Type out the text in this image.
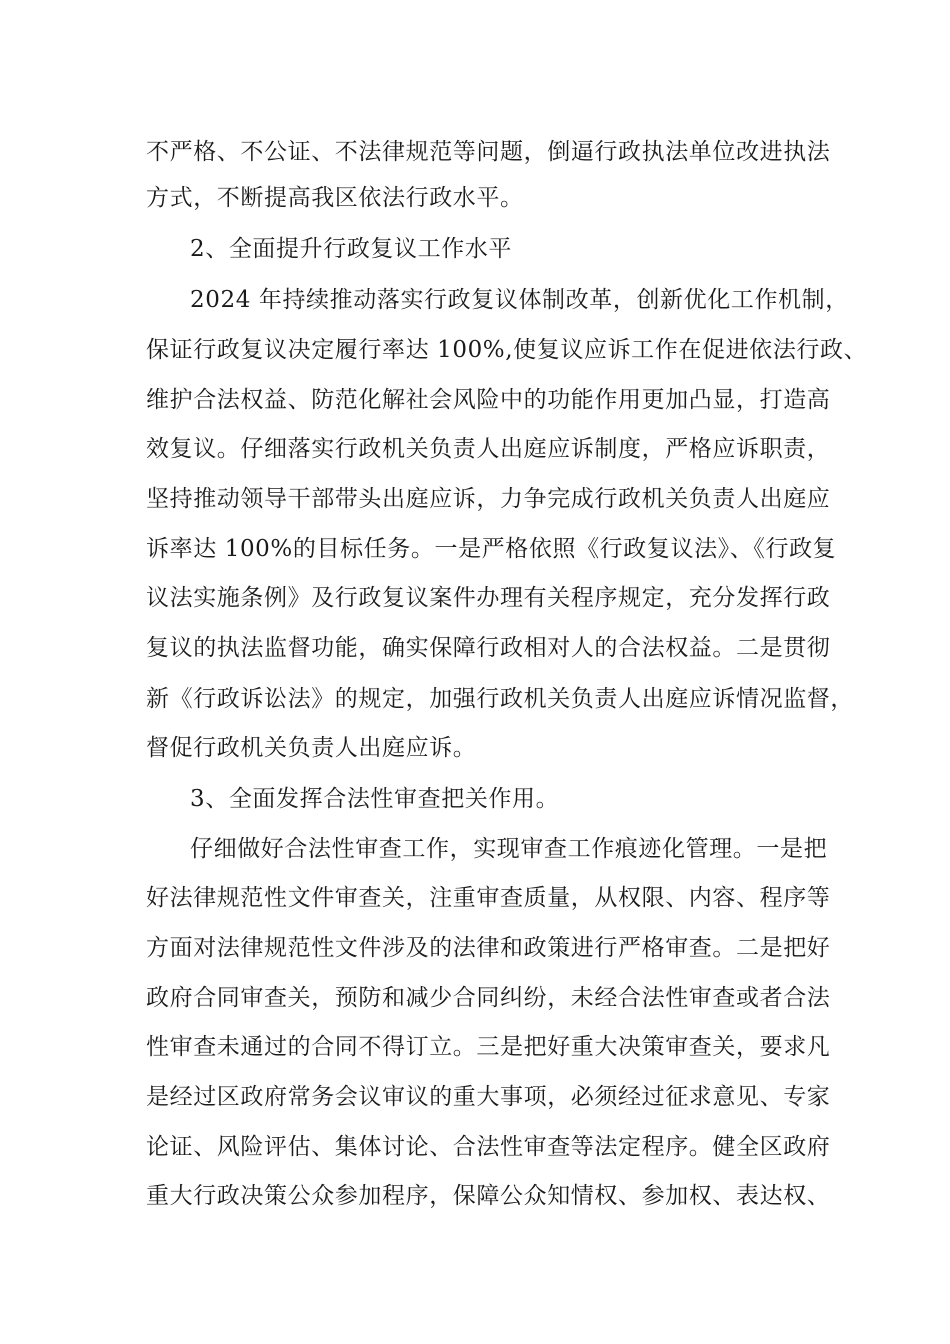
不严格、不公证、不法律规范等问题，倒逼行政执法单位改进执法
方式，不断提高我区依法行政水平。
2、全面提升行政复议工作水平
2024 年持续推动落实行政复议体制改革，创新优化工作机制，
保证行政复议决定履行率达 100%,使复议应诉工作在促进依法行政、
维护合法权益、防范化解社会风险中的功能作用更加凸显，打造高
效复议。仔细落实行政机关负责人出庭应诉制度，严格应诉职责，
坚持推动领导干部带头出庭应诉，力争完成行政机关负责人出庭应
诉率达 100%的目标任务。一是严格依照《行政复议法》、《行政复
议法实施条例》及行政复议案件办理有关程序规定，充分发挥行政
复议的执法监督功能，确实保障行政相对人的合法权益。二是贯彻
新《行政诉讼法》的规定，加强行政机关负责人出庭应诉情况监督，
督促行政机关负责人出庭应诉。
3、全面发挥合法性审查把关作用。
仔细做好合法性审查工作，实现审查工作痕迹化管理。一是把
好法律规范性文件审查关，注重审查质量，从权限、内容、程序等
方面对法律规范性文件涉及的法律和政策进行严格审查。二是把好
政府合同审查关，预防和减少合同纠纷，未经合法性审查或者合法
性审查未通过的合同不得订立。三是把好重大决策审查关，要求凡
是经过区政府常务会议审议的重大事项，必须经过征求意见、专家
论证、风险评估、集体讨论、合法性审查等法定程序。健全区政府
重大行政决策公众参加程序，保障公众知情权、参加权、表达权、
